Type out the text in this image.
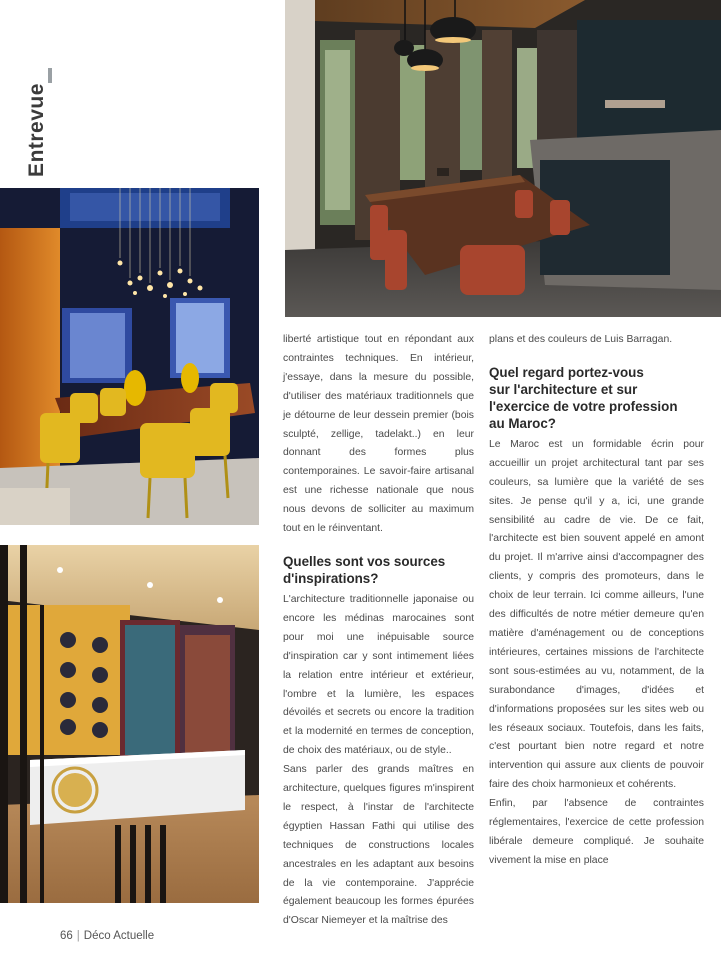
Entrevue

liberté artistique tout en répondant aux contraintes techniques. En intérieur, j'essaye, dans la mesure du possible, d'utiliser des matériaux traditionnels que je détourne de leur dessein premier (bois sculpté, zellige, tadelakt..) en leur donnant des formes plus contemporaines. Le savoir-faire artisanal est une richesse nationale que nous nous devons de solliciter au maximum tout en le réinventant.

Quelles sont vos sources
d'inspirations?

L'architecture traditionnelle japonaise ou encore les médinas marocaines sont pour moi une inépuisable source d'inspiration car y sont intimement liées la relation entre intérieur et extérieur, l'ombre et la lumière, les espaces dévoilés et secrets ou encore la tradition et la modernité en termes de conception, de choix des matériaux, ou de style..

Sans parler des grands maîtres en architecture, quelques figures m'inspirent le respect, à l'instar de l'architecte égyptien Hassan Fathi qui utilise des techniques de constructions locales ancestrales en les adaptant aux besoins de la vie contemporaine. J'apprécie également beaucoup les formes épurées d'Oscar Niemeyer et la maîtrise des

plans et des couleurs de Luis Barragan.

Quel regard portez-vous
sur l'architecture et sur
l'exercice de votre profession
au Maroc?

Le Maroc est un formidable écrin pour accueillir un projet architectural tant par ses couleurs, sa lumière que la variété de ses sites. Je pense qu'il y a, ici, une grande sensibilité au cadre de vie. De ce fait, l'architecte est bien souvent appelé en amont du projet. Il m'arrive ainsi d'accompagner des clients, y compris des promoteurs, dans le choix de leur terrain. Ici comme ailleurs, l'une des difficultés de notre métier demeure qu'en matière d'aménagement ou de conceptions intérieures, certaines missions de l'architecte sont sous-estimées au vu, notamment, de la surabondance d'images, d'idées et d'informations proposées sur les sites web ou les réseaux sociaux. Toutefois, dans les faits, c'est pourtant bien notre regard et notre intervention qui assure aux clients de pouvoir faire des choix harmonieux et cohérents.

Enfin, par l'absence de contraintes réglementaires, l'exercice de cette profession libérale demeure compliqué. Je souhaite vivement la mise en place

66 | Déco Actuelle
